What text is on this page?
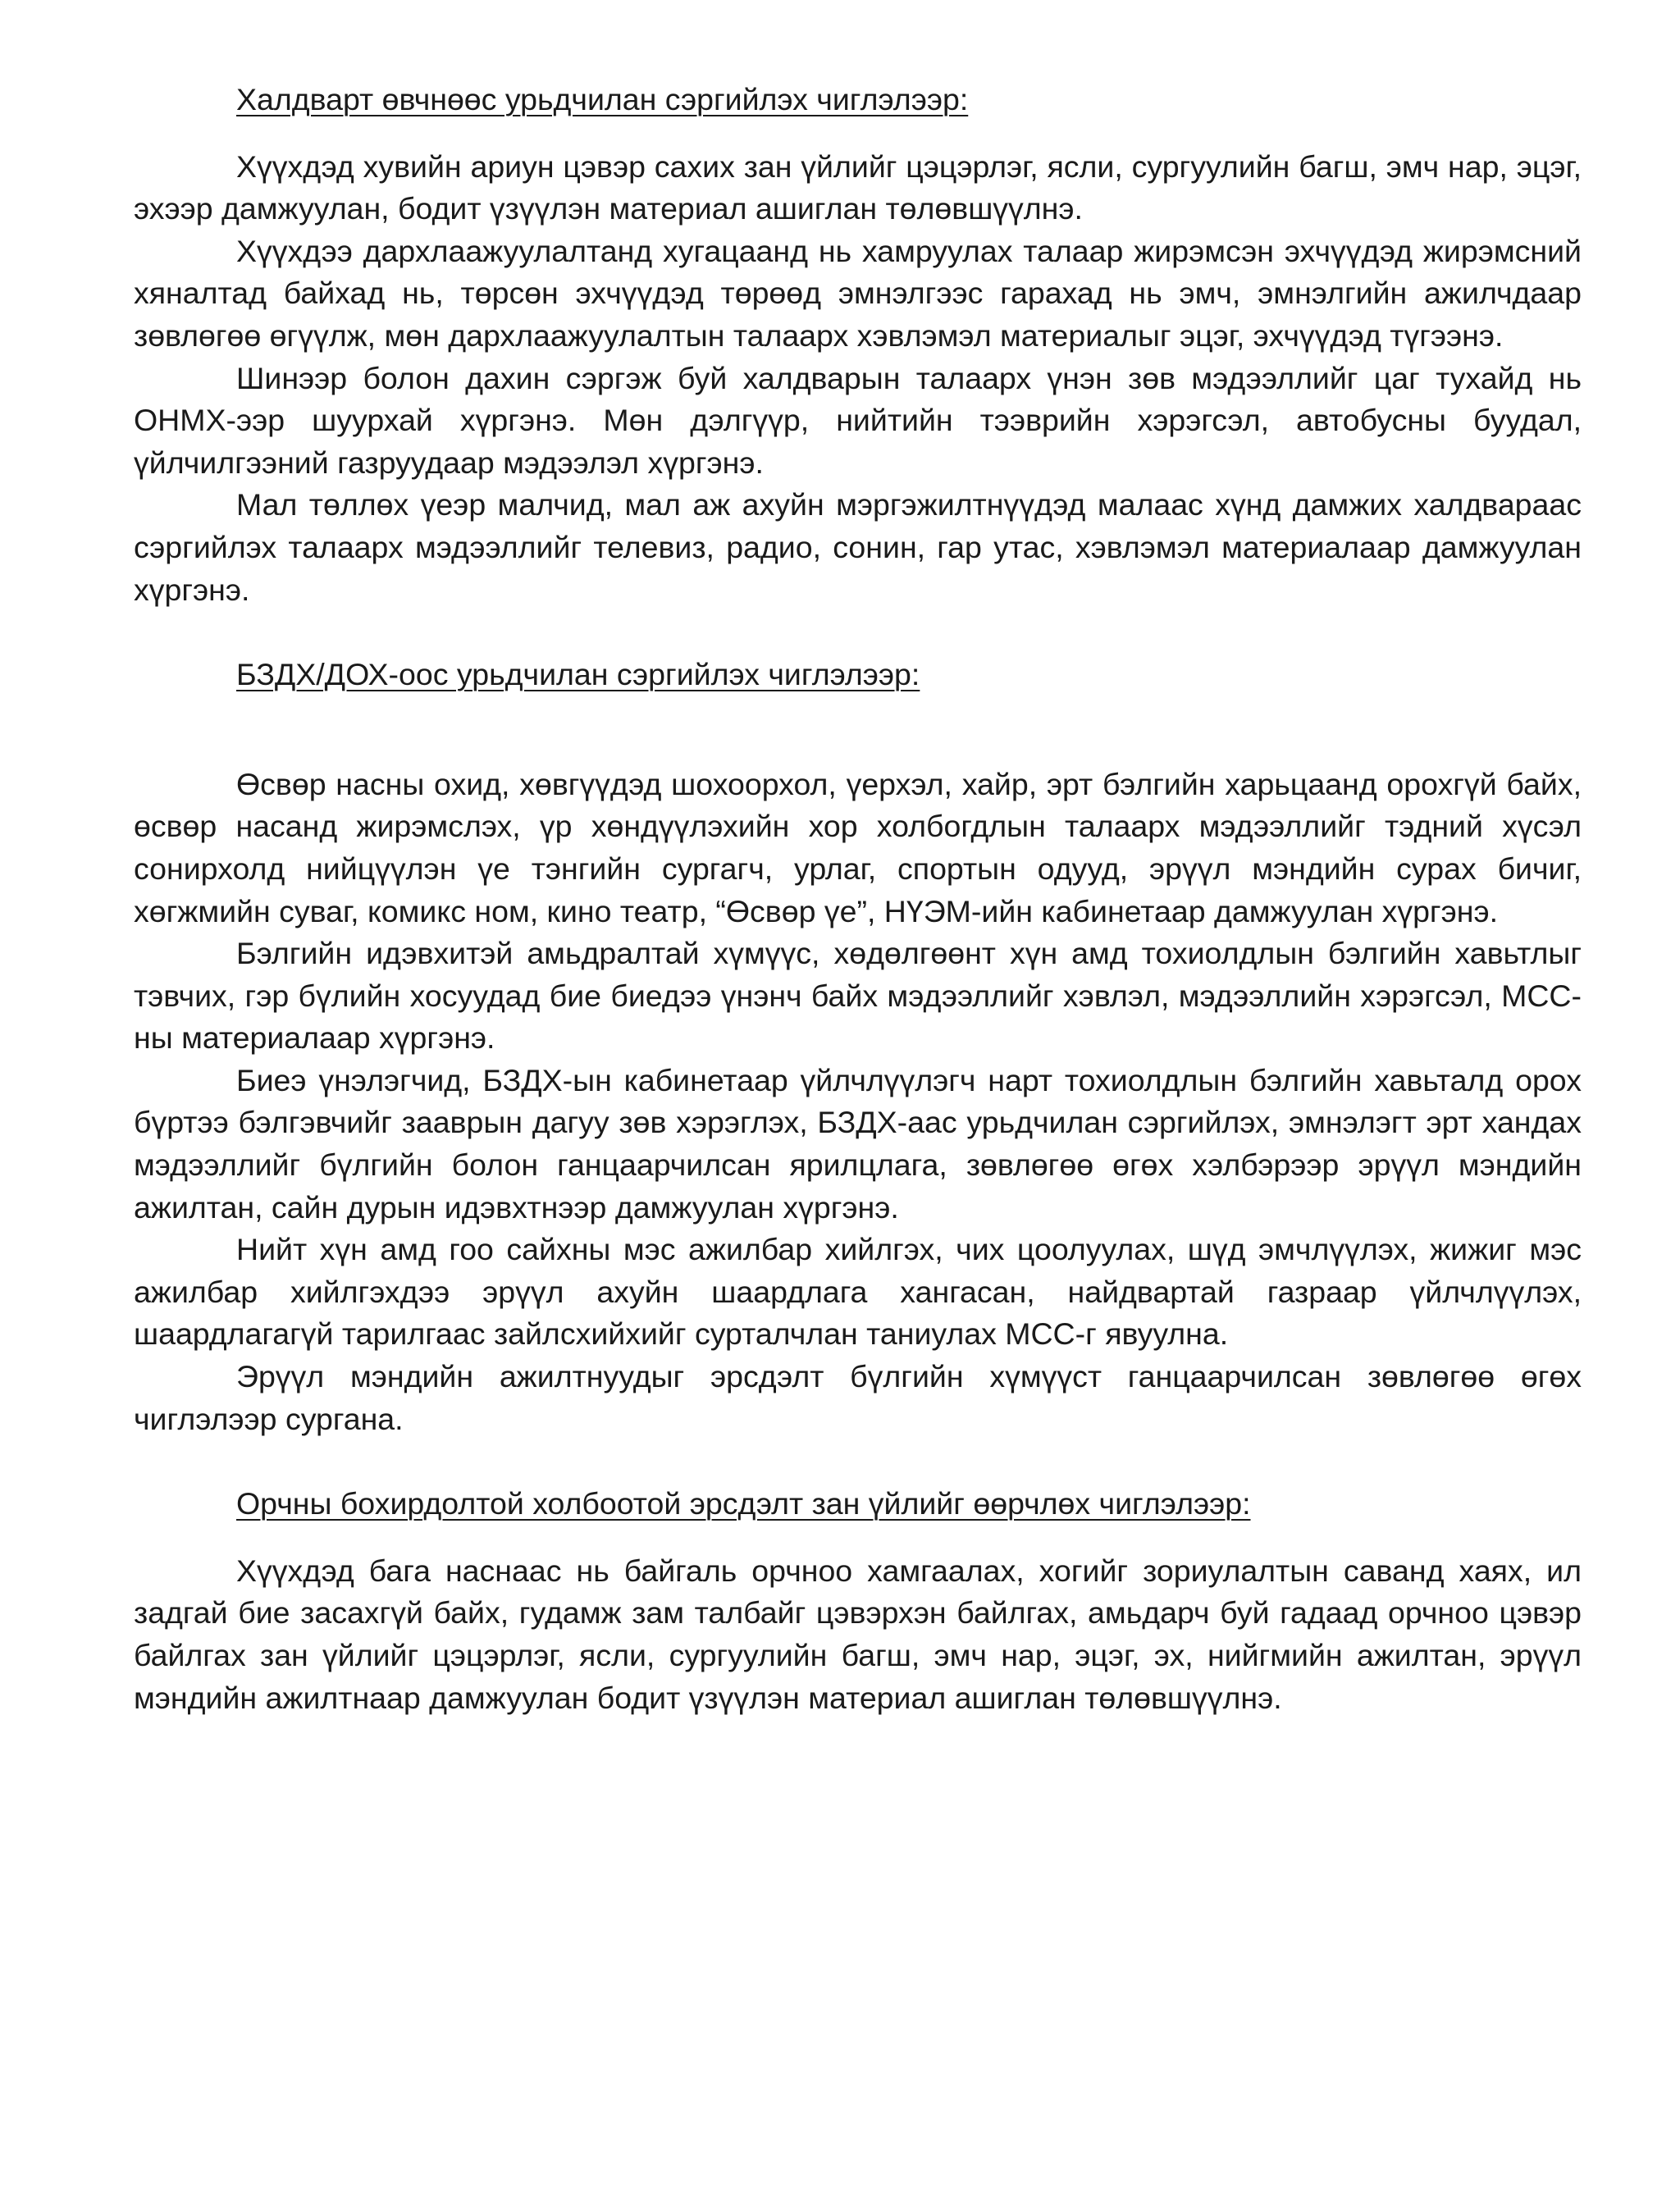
Халдварт өвчнөөс урьдчилан сэргийлэх чиглэлээр:

Хүүхдэд хувийн ариун цэвэр сахих зан үйлийг цэцэрлэг, ясли, сургуулийн багш, эмч нар, эцэг, эхээр дамжуулан, бодит үзүүлэн материал ашиглан төлөвшүүлнэ.

Хүүхдээ дархлаажуулалтанд хугацаанд нь хамруулах талаар жирэмсэн эхчүүдэд жирэмсний хяналтад байхад нь, төрсөн эхчүүдэд төрөөд эмнэлгээс гарахад нь эмч, эмнэлгийн ажилчдаар зөвлөгөө өгүүлж, мөн дархлаажуулалтын талаарх хэвлэмэл материалыг эцэг, эхчүүдэд түгээнэ.

Шинээр болон дахин сэргэж буй халдварын талаарх үнэн зөв мэдээллийг цаг тухайд нь ОНМХ-ээр шуурхай хүргэнэ. Мөн дэлгүүр, нийтийн тээврийн хэрэгсэл, автобусны буудал, үйлчилгээний газруудаар мэдээлэл хүргэнэ.

Мал төллөх үеэр малчид, мал аж ахуйн мэргэжилтнүүдэд малаас хүнд дамжих халдвараас сэргийлэх талаарх мэдээллийг телевиз, радио, сонин, гар утас, хэвлэмэл материалаар дамжуулан хүргэнэ.

БЗДХ/ДОХ-оос урьдчилан сэргийлэх чиглэлээр:

Өсвөр насны охид, хөвгүүдэд шохоорхол, үерхэл, хайр, эрт бэлгийн харьцаанд орохгүй байх, өсвөр насанд жирэмслэх, үр хөндүүлэхийн хор холбогдлын талаарх мэдээллийг тэдний хүсэл сонирхолд нийцүүлэн үе тэнгийн сургагч, урлаг, спортын одууд, эрүүл мэндийн сурах бичиг, хөгжмийн суваг, комикс ном, кино театр, “Өсвөр үе”, НҮЭМ-ийн кабинетаар дамжуулан хүргэнэ.

Бэлгийн идэвхитэй амьдралтай хүмүүс, хөдөлгөөнт хүн амд тохиолдлын бэлгийн хавьтлыг тэвчих, гэр бүлийн хосуудад бие биедээ үнэнч байх мэдээллийг хэвлэл, мэдээллийн хэрэгсэл, МСС-ны материалаар хүргэнэ.

Биеэ үнэлэгчид, БЗДХ-ын кабинетаар үйлчлүүлэгч нарт тохиолдлын бэлгийн хавьталд орох бүртээ бэлгэвчийг зааврын дагуу зөв хэрэглэх, БЗДХ-аас урьдчилан сэргийлэх, эмнэлэгт эрт хандах мэдээллийг бүлгийн болон ганцаарчилсан ярилцлага, зөвлөгөө өгөх хэлбэрээр эрүүл мэндийн ажилтан, сайн дурын идэвхтнээр дамжуулан хүргэнэ.

Нийт хүн амд гоо сайхны мэс ажилбар хийлгэх, чих цоолуулах, шүд эмчлүүлэх, жижиг мэс ажилбар хийлгэхдээ эрүүл ахуйн шаардлага хангасан, найдвартай газраар үйлчлүүлэх, шаардлагагүй тарилгаас зайлсхийхийг сурталчлан таниулах МСС-г явуулна.

Эрүүл мэндийн ажилтнуудыг эрсдэлт бүлгийн хүмүүст ганцаарчилсан зөвлөгөө өгөх чиглэлээр сургана.

Орчны бохирдолтой холбоотой эрсдэлт зан үйлийг өөрчлөх чиглэлээр:

Хүүхдэд бага наснаас нь байгаль орчноо хамгаалах, хогийг зориулалтын саванд хаях, ил задгай бие засахгүй байх, гудамж зам талбайг цэвэрхэн байлгах, амьдарч буй гадаад орчноо цэвэр байлгах зан үйлийг цэцэрлэг, ясли, сургуулийн багш, эмч нар, эцэг, эх, нийгмийн ажилтан, эрүүл мэндийн ажилтнаар дамжуулан бодит үзүүлэн материал ашиглан төлөвшүүлнэ.
